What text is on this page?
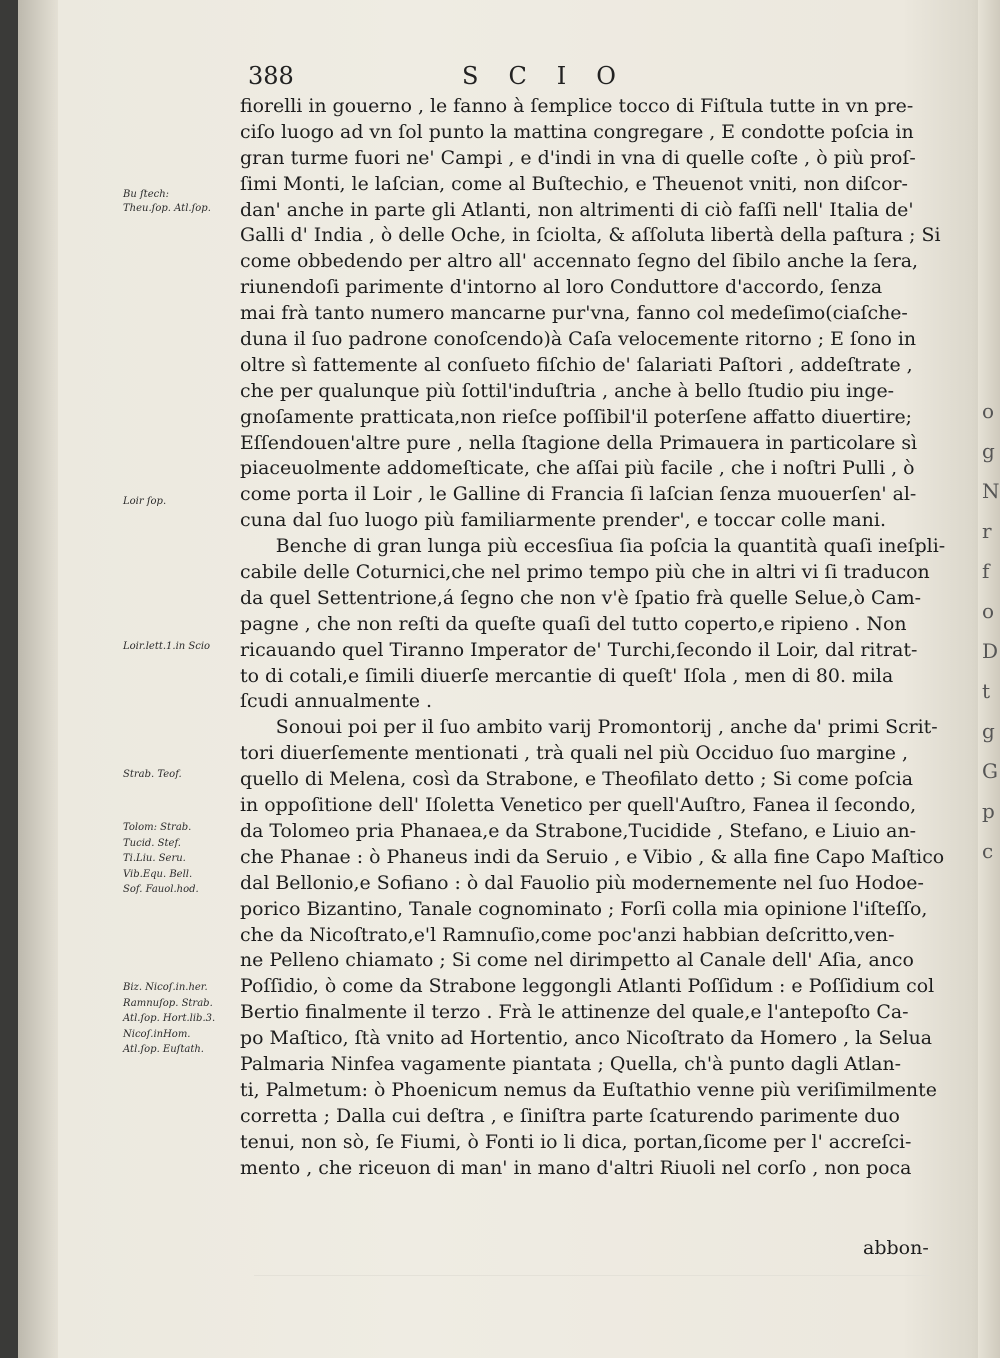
o
g
N
r
f
o
D
t
g
G
p
c
388	SCIO
Bu ſtech: Theu.ſop. Atl.ſop.
Loir ſop.
Loir.lett.1.in Scio
Strab. Teof.
Tolom: Strab. Tucid. Stef. Ti.Liu. Seru. Vib.Equ. Bell. Sof. Fauol.hod.
Biz. Nicoſ.in.her. Ramnuſop. Strab. Atl.ſop. Hort.lib.3. Nicoſ.inHom. Atl.ſop. Euſtath.
fiorelli in gouerno , le fanno à ſemplice tocco di Fiſtula tutte in vn pre-
ciſo luogo ad vn ſol punto la mattina congregare , E condotte poſcia in
gran turme fuori ne' Campi , e d'indi in vna di quelle coſte , ò più proſ-
ſimi Monti, le laſcian, come al Buſtechio, e Theuenot vniti, non diſcor-
dan' anche in parte gli Atlanti, non altrimenti di ciò faſſi nell' Italia de'
Galli d' India , ò delle Oche, in ſciolta, & aſſoluta libertà della paſtura ; Si
come obbedendo per altro all' accennato ſegno del ſibilo anche la ſera,
riunendoſi parimente d'intorno al loro Conduttore d'accordo, ſenza
mai frà tanto numero mancarne pur'vna, fanno col medeſimo(ciaſche-
duna il ſuo padrone conoſcendo)à Caſa velocemente ritorno ; E ſono in
oltre sì fattemente al conſueto fiſchio de' ſalariati Paſtori , addeſtrate ,
che per qualunque più ſottil'induſtria , anche à bello ſtudio piu inge-
gnoſamente pratticata,non rieſce poſſibil'il poterſene affatto diuertire;
Eſſendouen'altre pure , nella ſtagione della Primauera in particolare sì
piaceuolmente addomeſticate, che aſſai più facile , che i noſtri Pulli , ò
come porta il Loir , le Galline di Francia ſi laſcian ſenza muouerſen' al-
cuna dal ſuo luogo più familiarmente prender', e toccar colle mani.
Benche di gran lunga più eccesſiua ſia poſcia la quantità quaſi ineſpli-
cabile delle Coturnici,che nel primo tempo più che in altri vi ſi traducon
da quel Settentrione,á ſegno che non v'è ſpatio frà quelle Selue,ò Cam-
pagne , che non reſti da queſte quaſi del tutto coperto,e ripieno . Non
ricauando quel Tiranno Imperator de' Turchi,ſecondo il Loir, dal ritrat-
to di cotali,e ſimili diuerſe mercantie di queſt' Iſola , men di 80. mila
ſcudi annualmente .
Sonoui poi per il ſuo ambito varij Promontorij , anche da' primi Scrit-
tori diuerſemente mentionati , trà quali nel più Occiduo ſuo margine ,
quello di Melena, così da Strabone, e Theofilato detto ; Si come poſcia
in oppoſitione dell' Iſoletta Venetico per quell'Auſtro, Fanea il ſecondo,
da Tolomeo pria Phanaea,e da Strabone,Tucidide , Stefano, e Liuio an-
che Phanae : ò Phaneus indi da Seruio , e Vibio , & alla fine Capo Maſtico
dal Bellonio,e Sofiano : ò dal Fauolio più modernemente nel ſuo Hodoe-
porico Bizantino, Tanale cognominato ; Forſi colla mia opinione l'iſteſſo,
che da Nicoſtrato,e'l Ramnuſio,come poc'anzi habbian deſcritto,ven-
ne Pelleno chiamato ; Si come nel dirimpetto al Canale dell' Aſia, anco
Poſſidio, ò come da Strabone leggongli Atlanti Poſſidum : e Poſſidium col
Bertio finalmente il terzo . Frà le attinenze del quale,e l'antepoſto Ca-
po Maſtico, ſtà vnito ad Hortentio, anco Nicoſtrato da Homero , la Selua
Palmaria Ninfea vagamente piantata ; Quella, ch'à punto dagli Atlan-
ti, Palmetum: ò Phoenicum nemus da Euſtathio venne più veriſimilmente
corretta ; Dalla cui deſtra , e ſiniſtra parte ſcaturendo parimente duo
tenui, non sò, ſe Fiumi, ò Fonti io li dica, portan,ſicome per l' accreſci-
mento , che riceuon di man' in mano d'altri Riuoli nel corſo , non poca
abbon-
